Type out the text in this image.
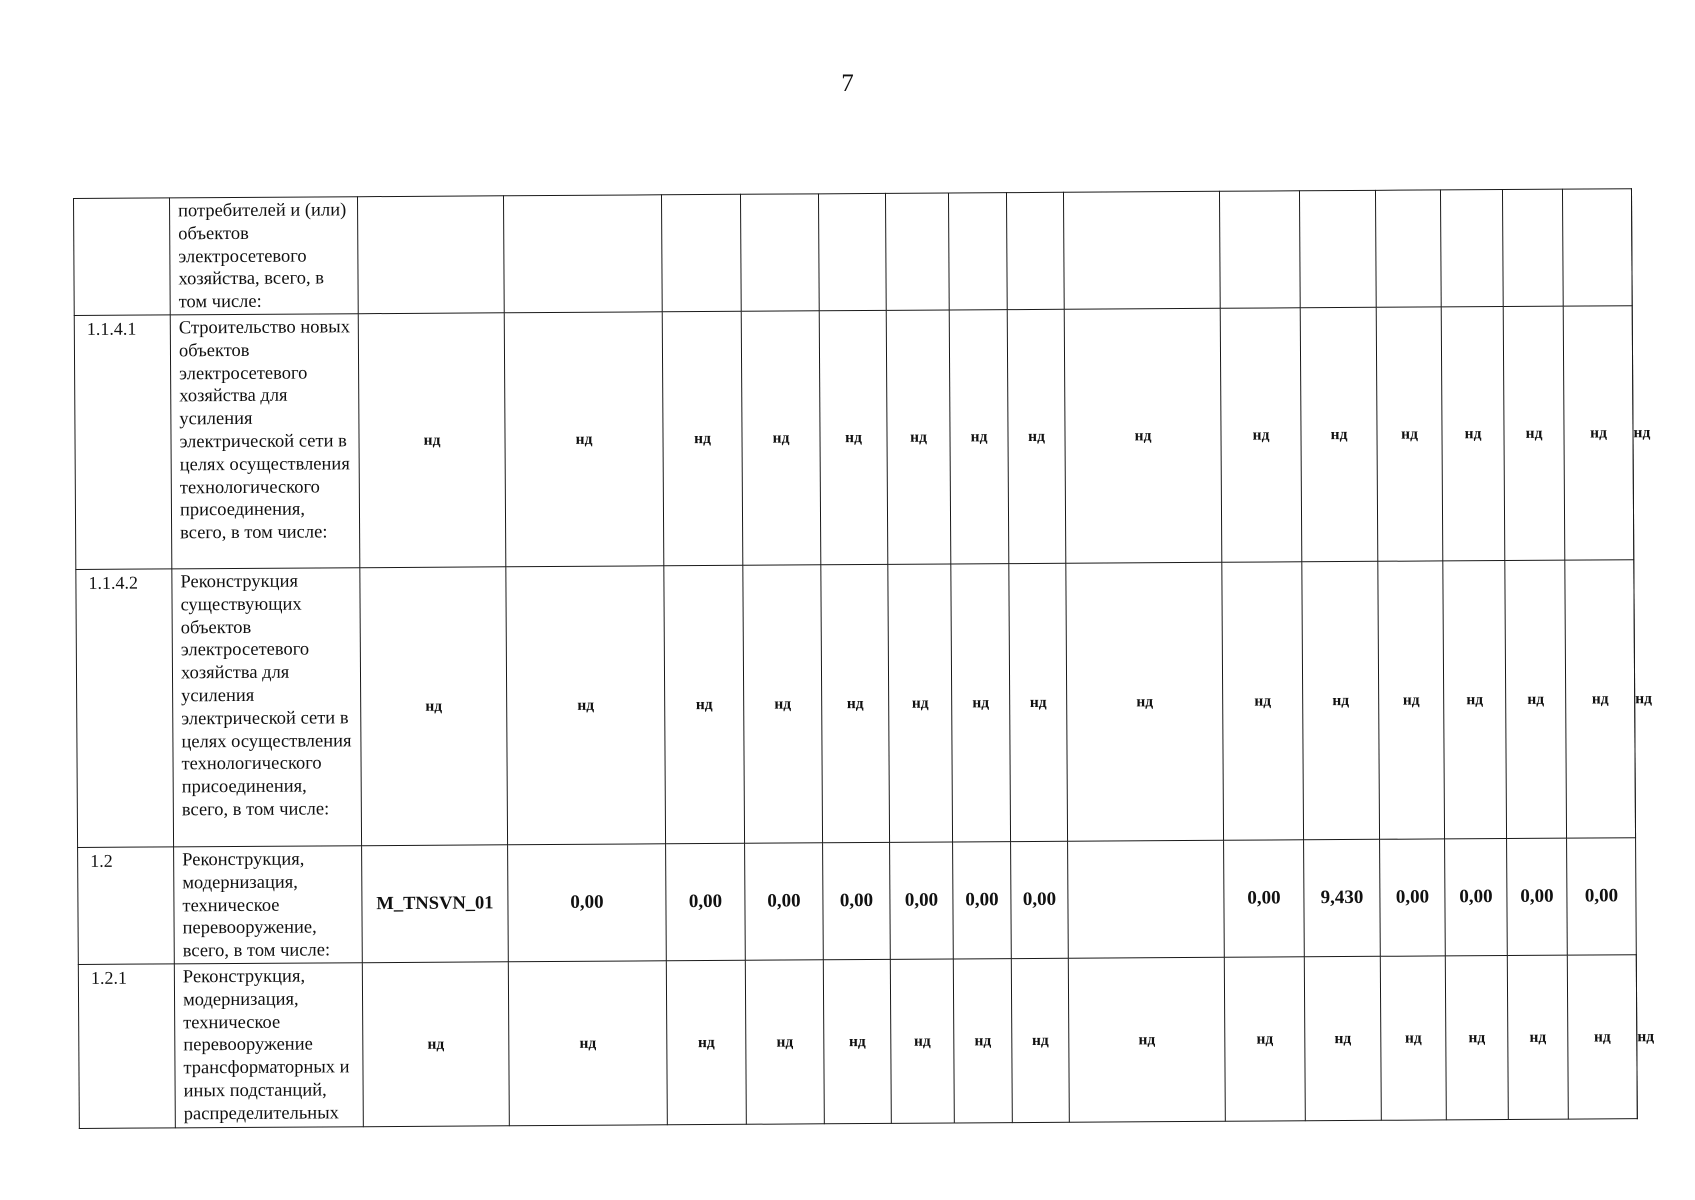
7
	потребителей и (или) объектов электросетевого хозяйства, всего, в том числе:																
1.1.4.1	Строительство новых объектов электросетевого хозяйства для усиления электрической сети в целях осуществления технологического присоединения, всего, в том числе:	нд	нд	нд	нд	нд	нд	нд	нд	нд	нд	нд	нд	нд	нд	нд	нд
1.1.4.2	Реконструкция существующих объектов электросетевого хозяйства для усиления электрической сети в целях осуществления технологического присоединения, всего, в том числе:	нд	нд	нд	нд	нд	нд	нд	нд	нд	нд	нд	нд	нд	нд	нд	нд
1.2	Реконструкция, модернизация, техническое перевооружение, всего, в том числе:	M_TNSVN_01	0,00	0,00	0,00	0,00	0,00	0,00	0,00		0,00	9,430	0,00	0,00	0,00	0,00	
1.2.1	Реконструкция, модернизация, техническое перевооружение трансформаторных и иных подстанций, распределительных	нд	нд	нд	нд	нд	нд	нд	нд	нд	нд	нд	нд	нд	нд	нд	нд
